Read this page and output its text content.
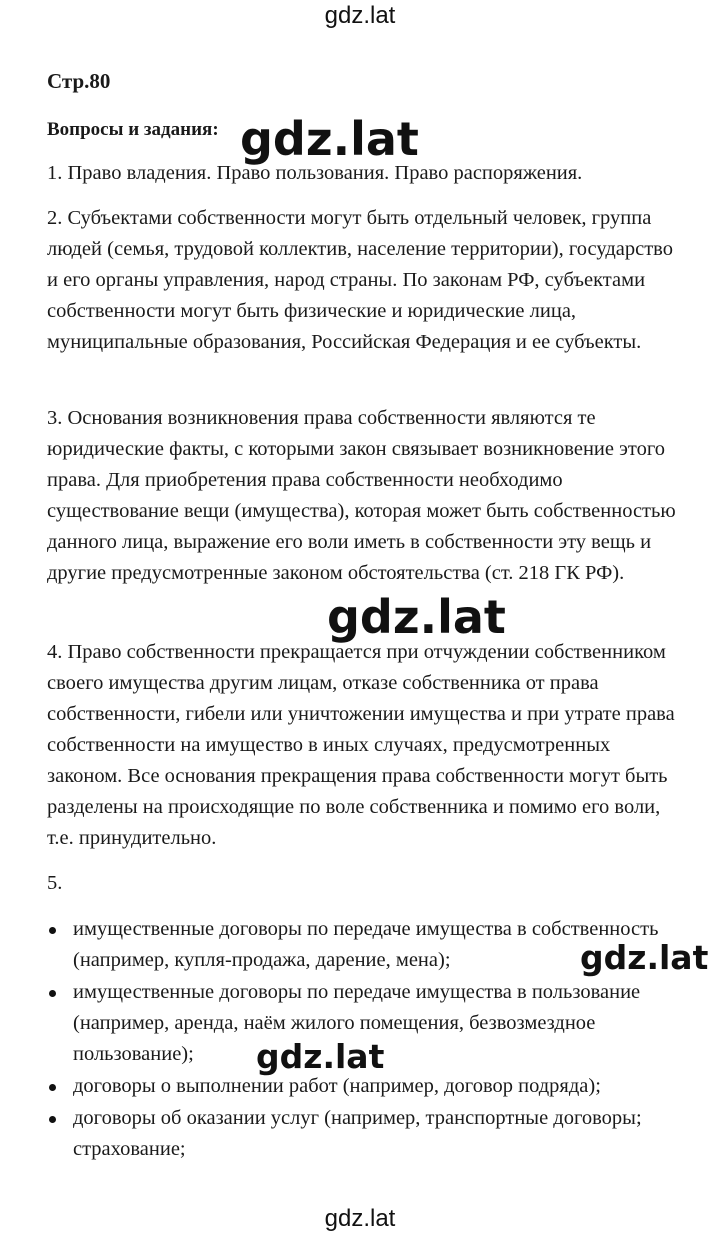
gdz.lat
Стр.80
Вопросы и задания:

1. Право владения. Право пользования. Право распоряжения.

2. Субъектами собственности могут быть отдельный человек, группа людей (семья, трудовой коллектив, население территории), государство и его органы управления, народ страны. По законам РФ, субъектами собственности могут быть физические и юридические лица, муниципальные образования, Российская Федерация и ее субъекты.

3. Основания возникновения права собственности являются те юридические факты, с которыми закон связывает возникновение этого права. Для приобретения права собственности необходимо существование вещи (имущества), которая может быть собственностью данного лица, выражение его воли иметь в собственности эту вещь и другие предусмотренные законом обстоятельства (ст. 218 ГК РФ).

4. Право собственности прекращается при отчуждении собственником своего имущества другим лицам, отказе собственника от права собственности, гибели или уничтожении имущества и при утрате права собственности на имущество в иных случаях, предусмотренных законом. Все основания прекращения права собственности могут быть разделены на происходящие по воле собственника и помимо его воли, т.е. принудительно.

5.

имущественные договоры по передаче имущества в собственность (например, купля-продажа, дарение, мена);
имущественные договоры по передаче имущества в пользование (например, аренда, наём жилого помещения, безвозмездное пользование);
договоры о выполнении работ (например, договор подряда);
договоры об оказании услуг (например, транспортные договоры; страхование;
gdz.lat
gdz.lat
gdz.lat
gdz.lat
gdz.lat
